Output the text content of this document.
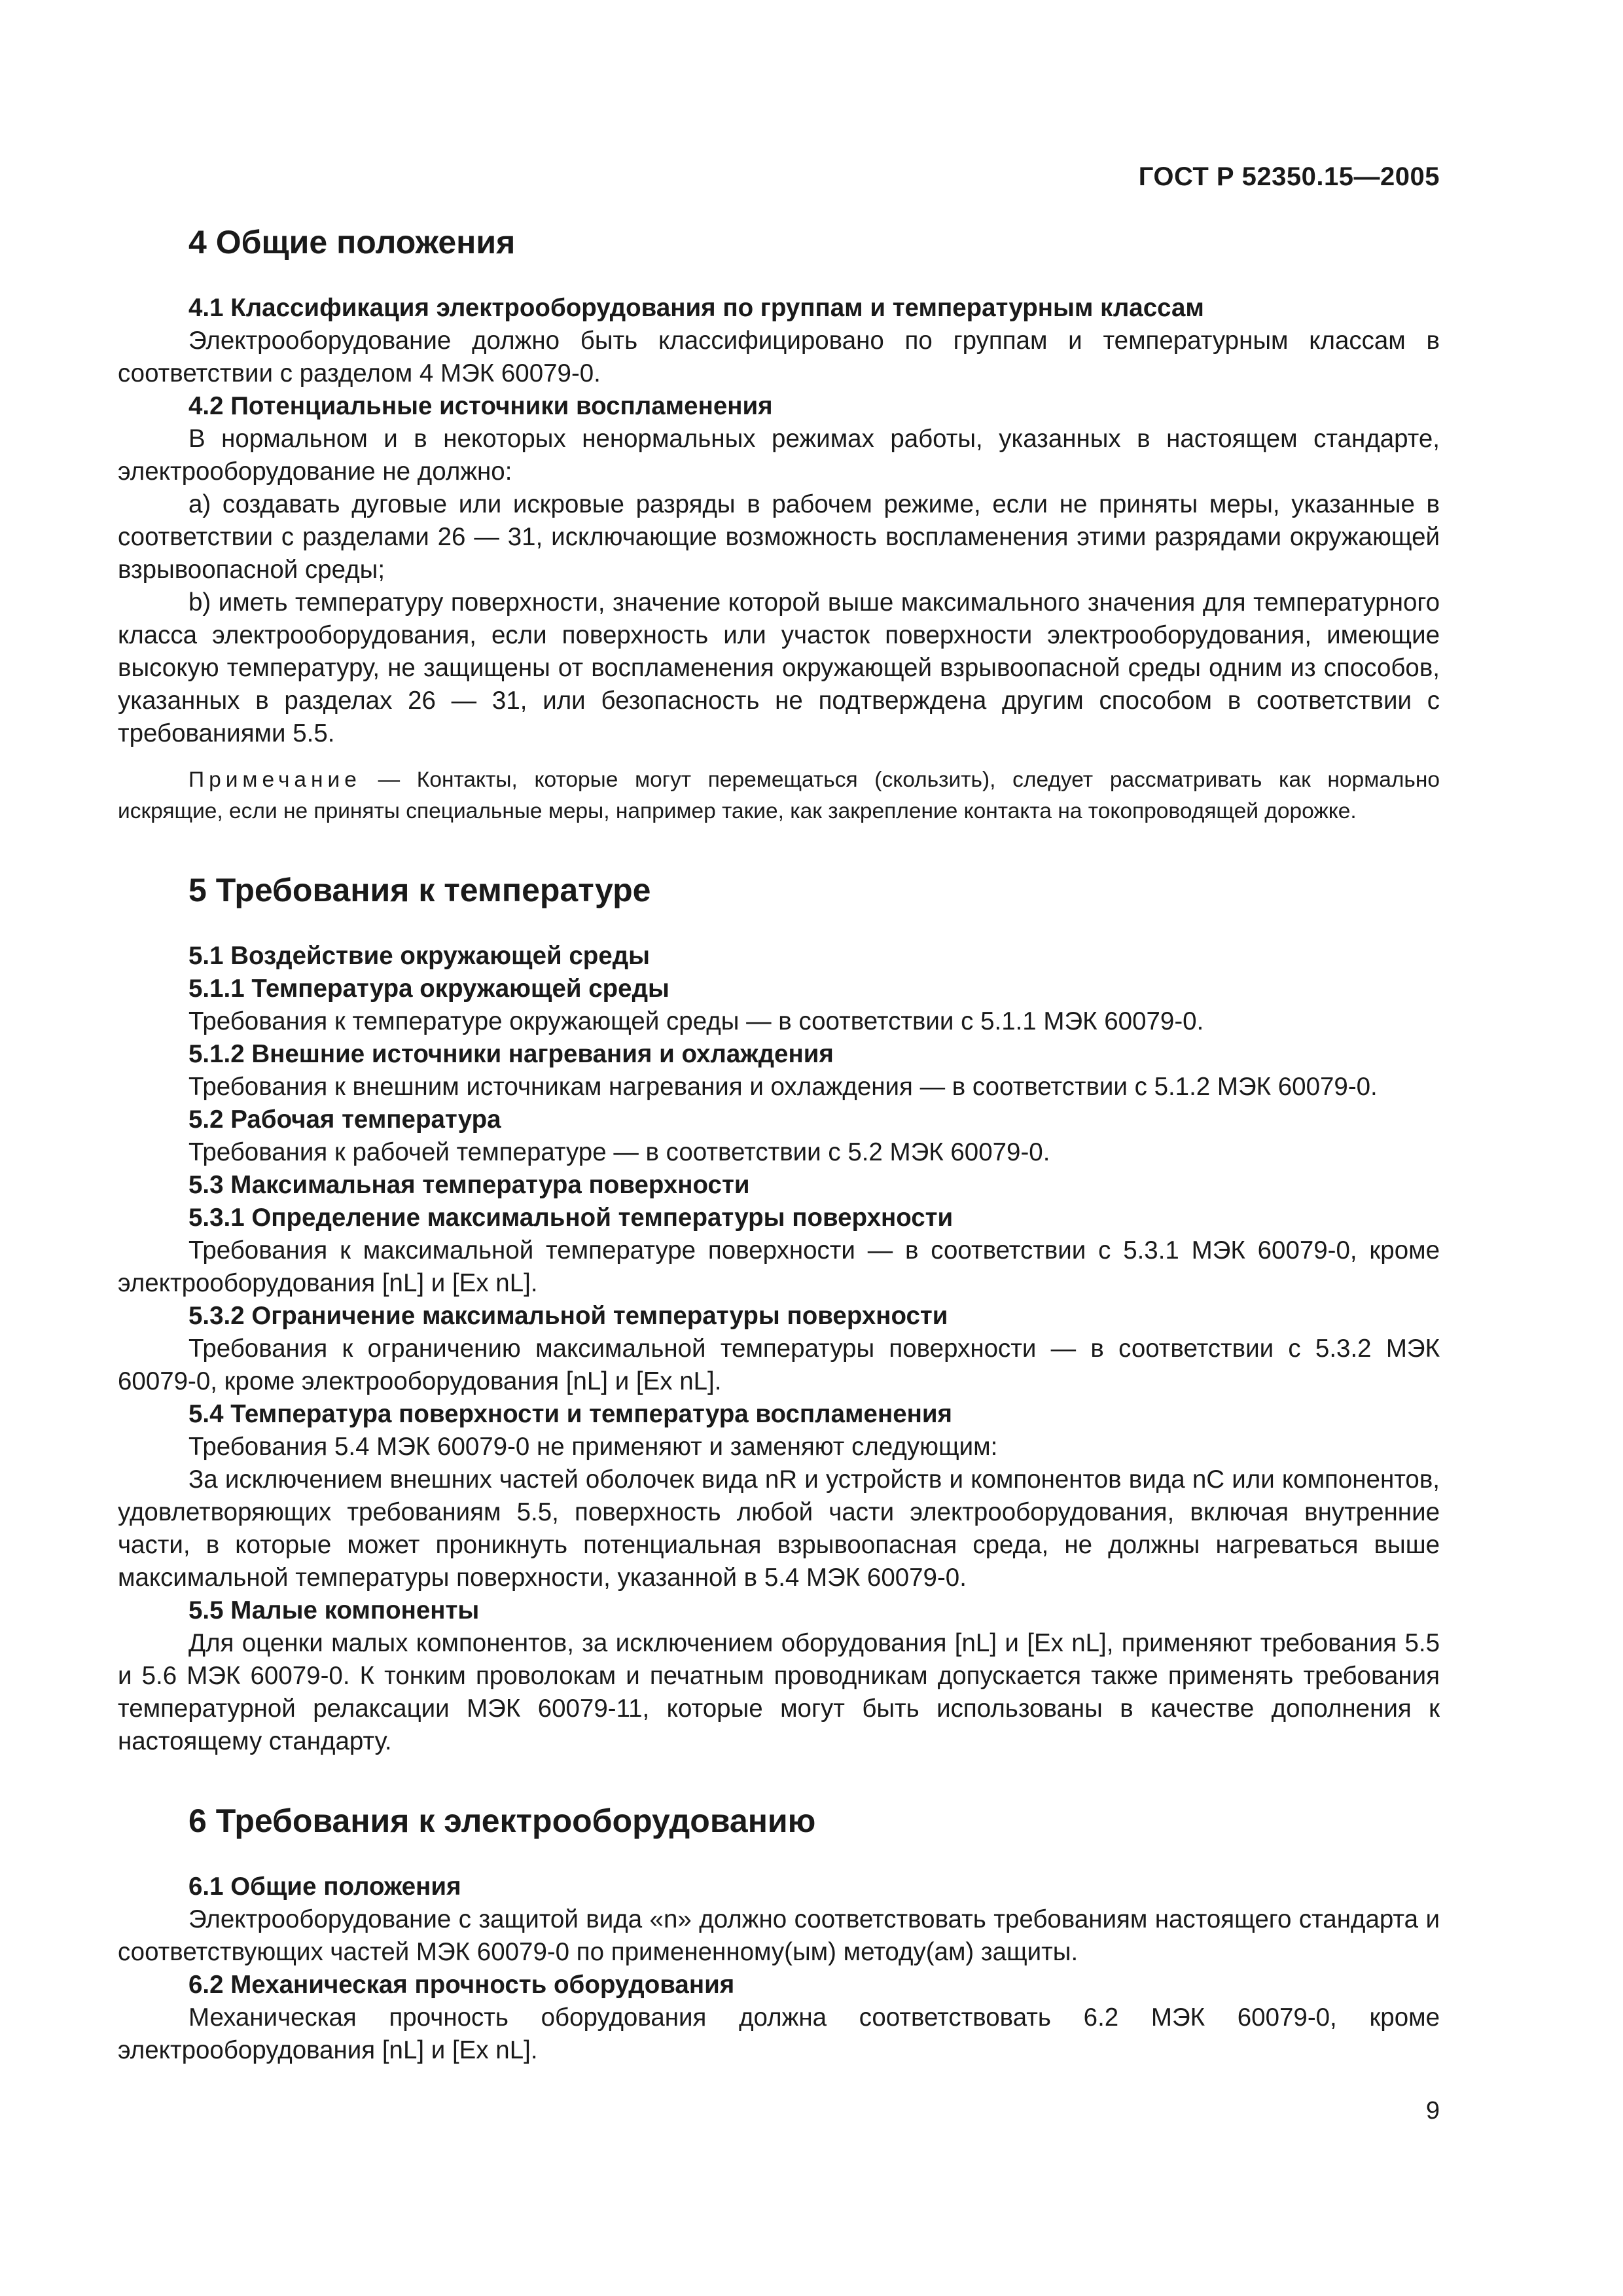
ГОСТ Р 52350.15—2005
4 Общие положения
4.1 Классификация электрооборудования по группам и температурным классам

Электрооборудование должно быть классифицировано по группам и температурным классам в соответствии с разделом 4 МЭК 60079-0.

4.2 Потенциальные источники воспламенения

В нормальном и в некоторых ненормальных режимах работы, указанных в настоящем стандарте, электрооборудование не должно:

a) создавать дуговые или искровые разряды в рабочем режиме, если не приняты меры, указанные в соответствии с разделами 26 — 31, исключающие возможность воспламенения этими разрядами окружающей взрывоопасной среды;

b) иметь температуру поверхности, значение которой выше максимального значения для температурного класса электрооборудования, если поверхность или участок поверхности электрооборудования, имеющие высокую температуру, не защищены от воспламенения окружающей взрывоопасной среды одним из способов, указанных в разделах 26 — 31, или безопасность не подтверждена другим способом в соответствии с требованиями 5.5.

Примечание — Контакты, которые могут перемещаться (скользить), следует рассматривать как нормально искрящие, если не приняты специальные меры, например такие, как закрепление контакта на токопроводящей дорожке.

5 Требования к температуре
5.1 Воздействие окружающей среды
5.1.1 Температура окружающей среды

Требования к температуре окружающей среды — в соответствии с 5.1.1 МЭК 60079-0.

5.1.2 Внешние источники нагревания и охлаждения

Требования к внешним источникам нагревания и охлаждения — в соответствии с 5.1.2 МЭК 60079-0.

5.2 Рабочая температура

Требования к рабочей температуре — в соответствии с 5.2 МЭК 60079-0.

5.3 Максимальная температура поверхности
5.3.1 Определение максимальной температуры поверхности

Требования к максимальной температуре поверхности — в соответствии с 5.3.1 МЭК 60079-0, кроме электрооборудования [nL] и [Ex nL].

5.3.2 Ограничение максимальной температуры поверхности

Требования к ограничению максимальной температуры поверхности — в соответствии с 5.3.2 МЭК 60079-0, кроме электрооборудования [nL] и [Ex nL].

5.4 Температура поверхности и температура воспламенения

Требования 5.4 МЭК 60079-0 не применяют и заменяют следующим:

За исключением внешних частей оболочек вида nR и устройств и компонентов вида nC или компонентов, удовлетворяющих требованиям 5.5, поверхность любой части электрооборудования, включая внутренние части, в которые может проникнуть потенциальная взрывоопасная среда, не должны нагреваться выше максимальной температуры поверхности, указанной в 5.4 МЭК 60079-0.

5.5 Малые компоненты

Для оценки малых компонентов, за исключением оборудования [nL] и [Ex nL], применяют требования 5.5 и 5.6 МЭК 60079-0. К тонким проволокам и печатным проводникам допускается также применять требования температурной релаксации МЭК 60079-11, которые могут быть использованы в качестве дополнения к настоящему стандарту.

6 Требования к электрооборудованию
6.1 Общие положения

Электрооборудование с защитой вида «n» должно соответствовать требованиям настоящего стандарта и соответствующих частей МЭК 60079-0 по примененному(ым) методу(ам) защиты.

6.2 Механическая прочность оборудования

Механическая прочность оборудования должна соответствовать 6.2 МЭК 60079-0, кроме электрооборудования [nL] и [Ex nL].

9
